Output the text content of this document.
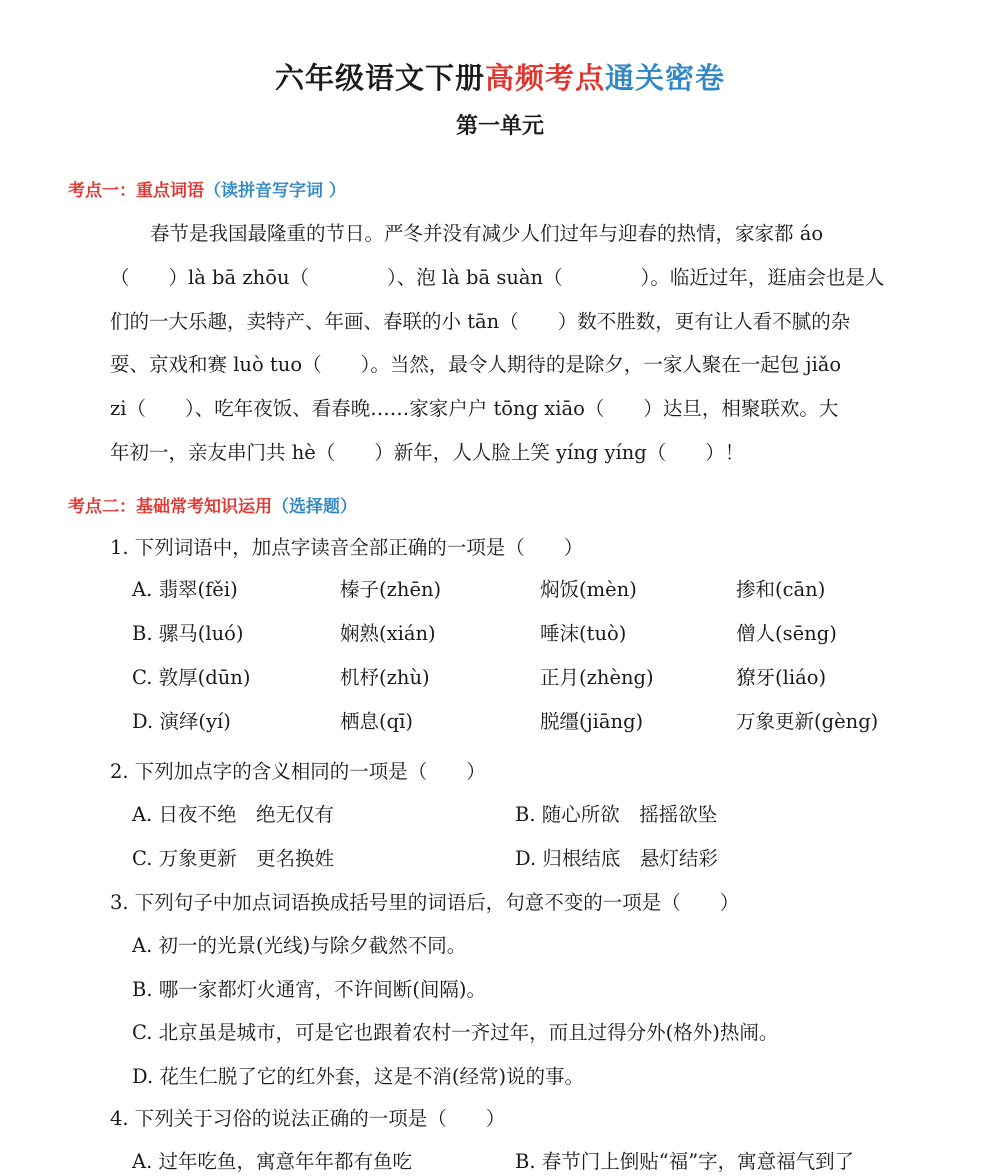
六年级语文下册高频考点通关密卷
第一单元
考点一：重点词语（读拼音写字词 ）
春节是我国最隆重的节日。严冬并没有减少人们过年与迎春的热情，家家都 áo
（　　）là bā zhōu（　　　　）、泡 là bā suàn（　　　　）。临近过年，逛庙会也是人
们的一大乐趣，卖特产、年画、春联的小 tān（　　）数不胜数，更有让人看不腻的杂
耍、京戏和赛 luò tuo（　　）。当然，最令人期待的是除夕，一家人聚在一起包 jiǎo
zi（　　）、吃年夜饭、看春晚……家家户户 tōng xiāo（　　）达旦，相聚联欢。大
年初一，亲友串门共 hè（　　）新年，人人脸上笑 yíng yíng（　　）！
考点二：基础常考知识运用（选择题）
1. 下列词语中，加点字读音全部正确的一项是（　　）
A. 翡翠(fěi)	榛子(zhēn)	焖饭(mèn)	掺和(cān)
B. 骡马(luó)	娴熟(xián)	唾沫(tuò)	僧人(sēng)
C. 敦厚(dūn)	机杼(zhù)	正月(zhèng)	獠牙(liáo)
D. 演绎(yí)	栖息(qī)	脱缰(jiāng)	万象更新(gèng)
2. 下列加点字的含义相同的一项是（　　）
A. 日夜不绝　绝无仅有	B. 随心所欲　摇摇欲坠
C. 万象更新　更名换姓	D. 归根结底　悬灯结彩
3. 下列句子中加点词语换成括号里的词语后，句意不变的一项是（　　）
A. 初一的光景(光线)与除夕截然不同。
B. 哪一家都灯火通宵，不许间断(间隔)。
C. 北京虽是城市，可是它也跟着农村一齐过年，而且过得分外(格外)热闹。
D. 花生仁脱了它的红外套，这是不消(经常)说的事。
4. 下列关于习俗的说法正确的一项是（　　）
A. 过年吃鱼，寓意年年都有鱼吃	B. 春节门上倒贴“福”字，寓意福气到了
